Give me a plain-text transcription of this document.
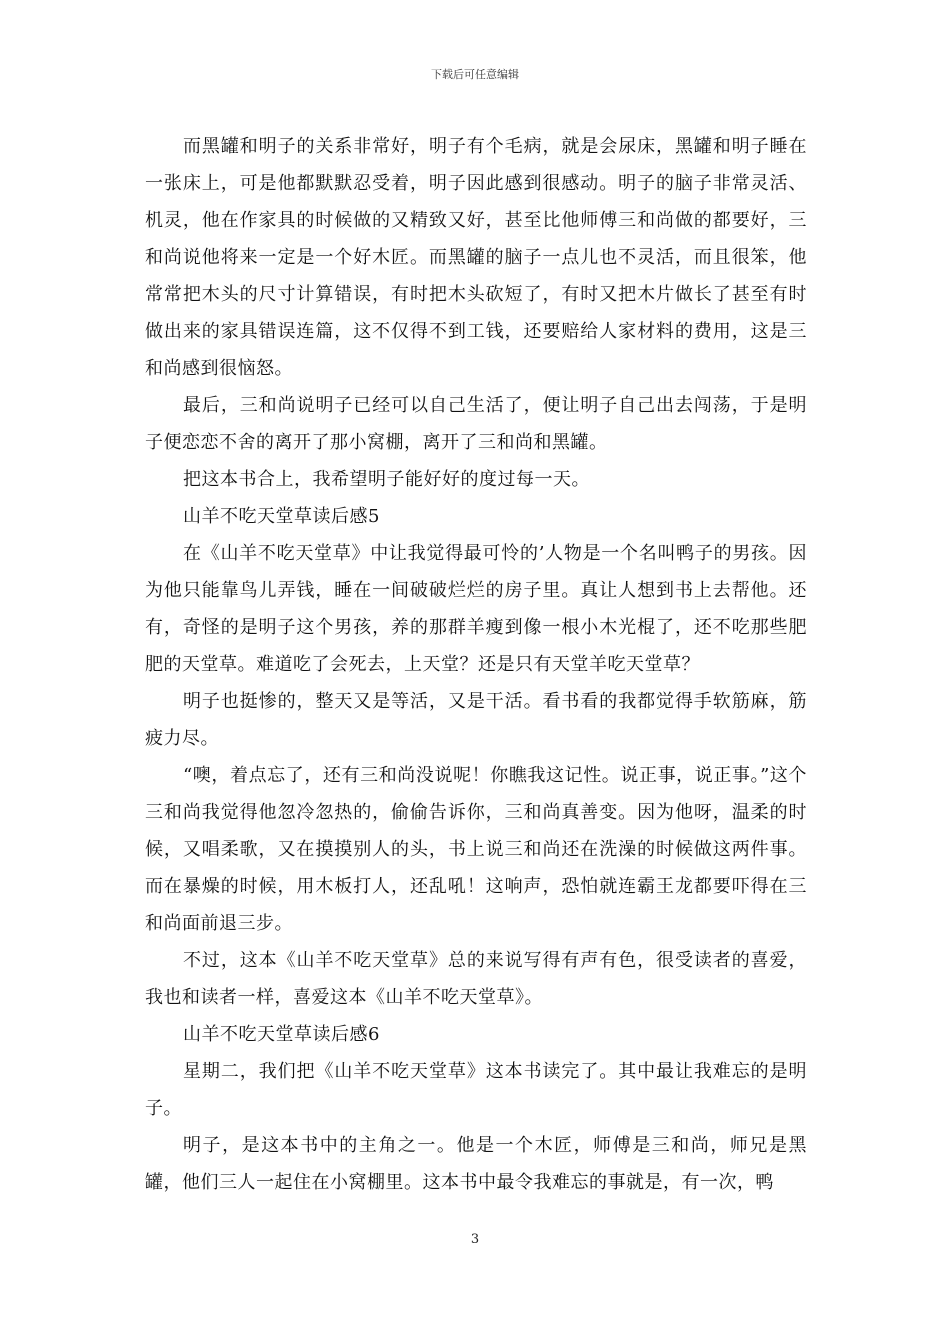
下载后可任意编辑

而黑罐和明子的关系非常好，明子有个毛病，就是会尿床，黑罐和明子睡在一张床上，可是他都默默忍受着，明子因此感到很感动。明子的脑子非常灵活、机灵，他在作家具的时候做的又精致又好，甚至比他师傅三和尚做的都要好，三和尚说他将来一定是一个好木匠。而黑罐的脑子一点儿也不灵活，而且很笨，他常常把木头的尺寸计算错误，有时把木头砍短了，有时又把木片做长了甚至有时做出来的家具错误连篇，这不仅得不到工钱，还要赔给人家材料的费用，这是三和尚感到很恼怒。

最后，三和尚说明子已经可以自己生活了，便让明子自己出去闯荡，于是明子便恋恋不舍的离开了那小窝棚，离开了三和尚和黑罐。

把这本书合上，我希望明子能好好的度过每一天。

山羊不吃天堂草读后感5

在《山羊不吃天堂草》中让我觉得最可怜的’人物是一个名叫鸭子的男孩。因为他只能靠鸟儿弄钱，睡在一间破破烂烂的房子里。真让人想到书上去帮他。还有，奇怪的是明子这个男孩，养的那群羊瘦到像一根小木光棍了，还不吃那些肥肥的天堂草。难道吃了会死去，上天堂？还是只有天堂羊吃天堂草？

明子也挺惨的，整天又是等活，又是干活。看书看的我都觉得手软筋麻，筋疲力尽。

“噢，着点忘了，还有三和尚没说呢！你瞧我这记性。说正事，说正事。”这个三和尚我觉得他忽冷忽热的，偷偷告诉你，三和尚真善变。因为他呀，温柔的时候，又唱柔歌，又在摸摸别人的头，书上说三和尚还在洗澡的时候做这两件事。而在暴燥的时候，用木板打人，还乱吼！这响声，恐怕就连霸王龙都要吓得在三和尚面前退三步。

不过，这本《山羊不吃天堂草》总的来说写得有声有色，很受读者的喜爱，我也和读者一样，喜爱这本《山羊不吃天堂草》。

山羊不吃天堂草读后感6

星期二，我们把《山羊不吃天堂草》这本书读完了。其中最让我难忘的是明子。

明子，是这本书中的主角之一。他是一个木匠，师傅是三和尚，师兄是黑罐，他们三人一起住在小窝棚里。这本书中最令我难忘的事就是，有一次，鸭

3
